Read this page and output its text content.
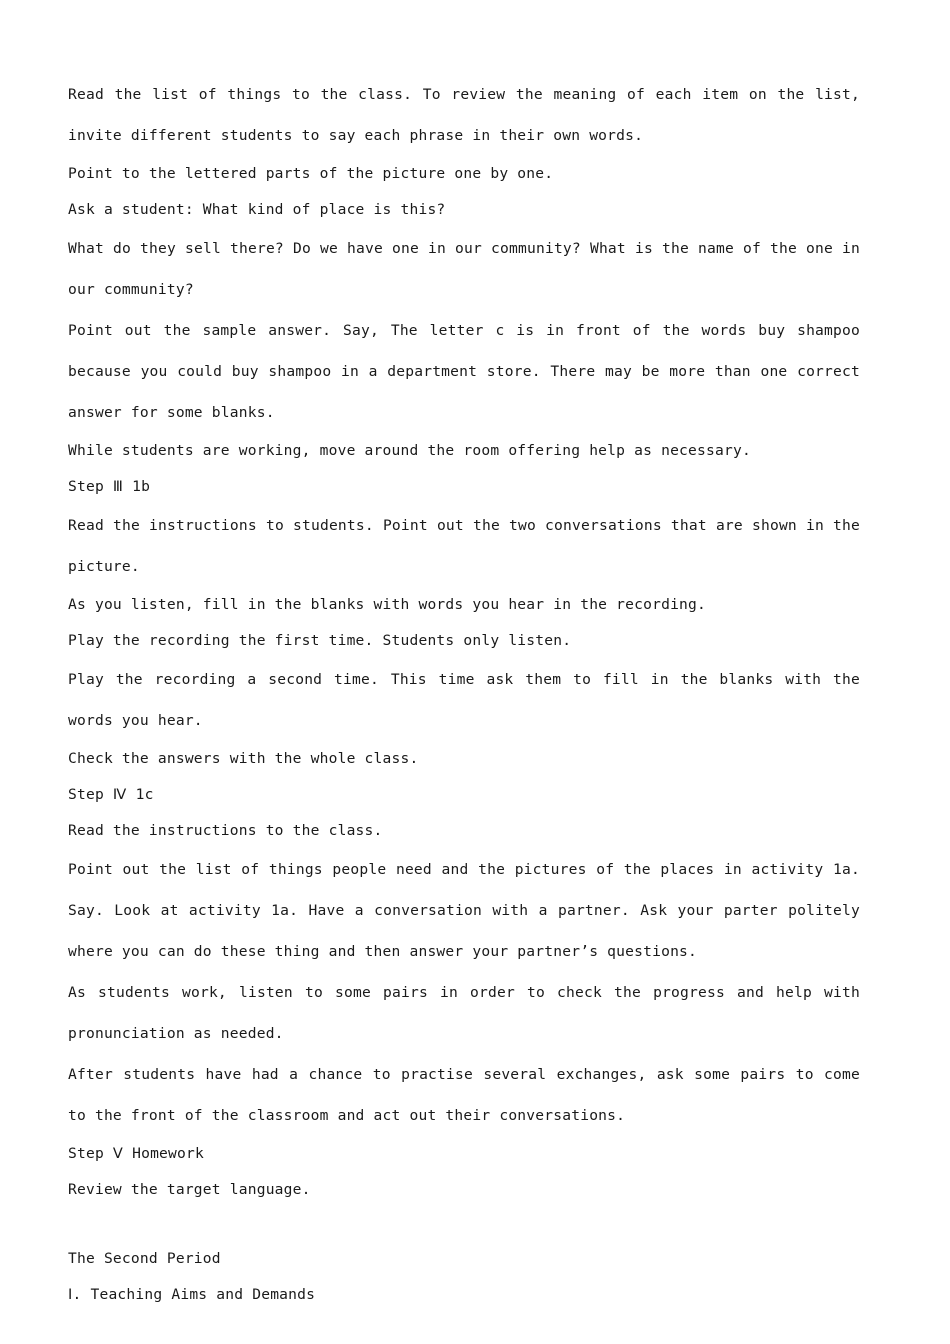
Read the list of things to the class. To review the meaning of each item on the list, invite different students to say each phrase in their own words.

Point to the lettered parts of the picture one by one.

Ask a student: What kind of place is this?

What do they sell there? Do we have one in our community? What is the name of the one in our community?

Point out the sample answer. Say, The letter c is in front of the words buy shampoo because you could buy shampoo in a department store. There may be more than one correct answer for some blanks.

While students are working, move around the room offering help as necessary.

Step Ⅲ 1b

Read the instructions to students. Point out the two conversations that are shown in the picture.

As you listen, fill in the blanks with words you hear in the recording.

Play the recording the first time. Students only listen.

Play the recording a second time. This time ask them to fill in the blanks with the words you hear.

Check the answers with the whole class.

Step Ⅳ 1c

Read the instructions to the class.

Point out the list of things people need and the pictures of the places in activity 1a. Say. Look at activity 1a. Have a conversation with a partner. Ask your parter politely where you can do these thing and then answer your partner’s questions.

As students work, listen to some pairs in order to check the progress and help with pronunciation as needed.

After students have had a chance to practise several exchanges, ask some pairs to come to the front of the classroom and act out their conversations.

Step Ⅴ Homework

Review the target language.

The Second Period

Ⅰ. Teaching Aims and Demands
